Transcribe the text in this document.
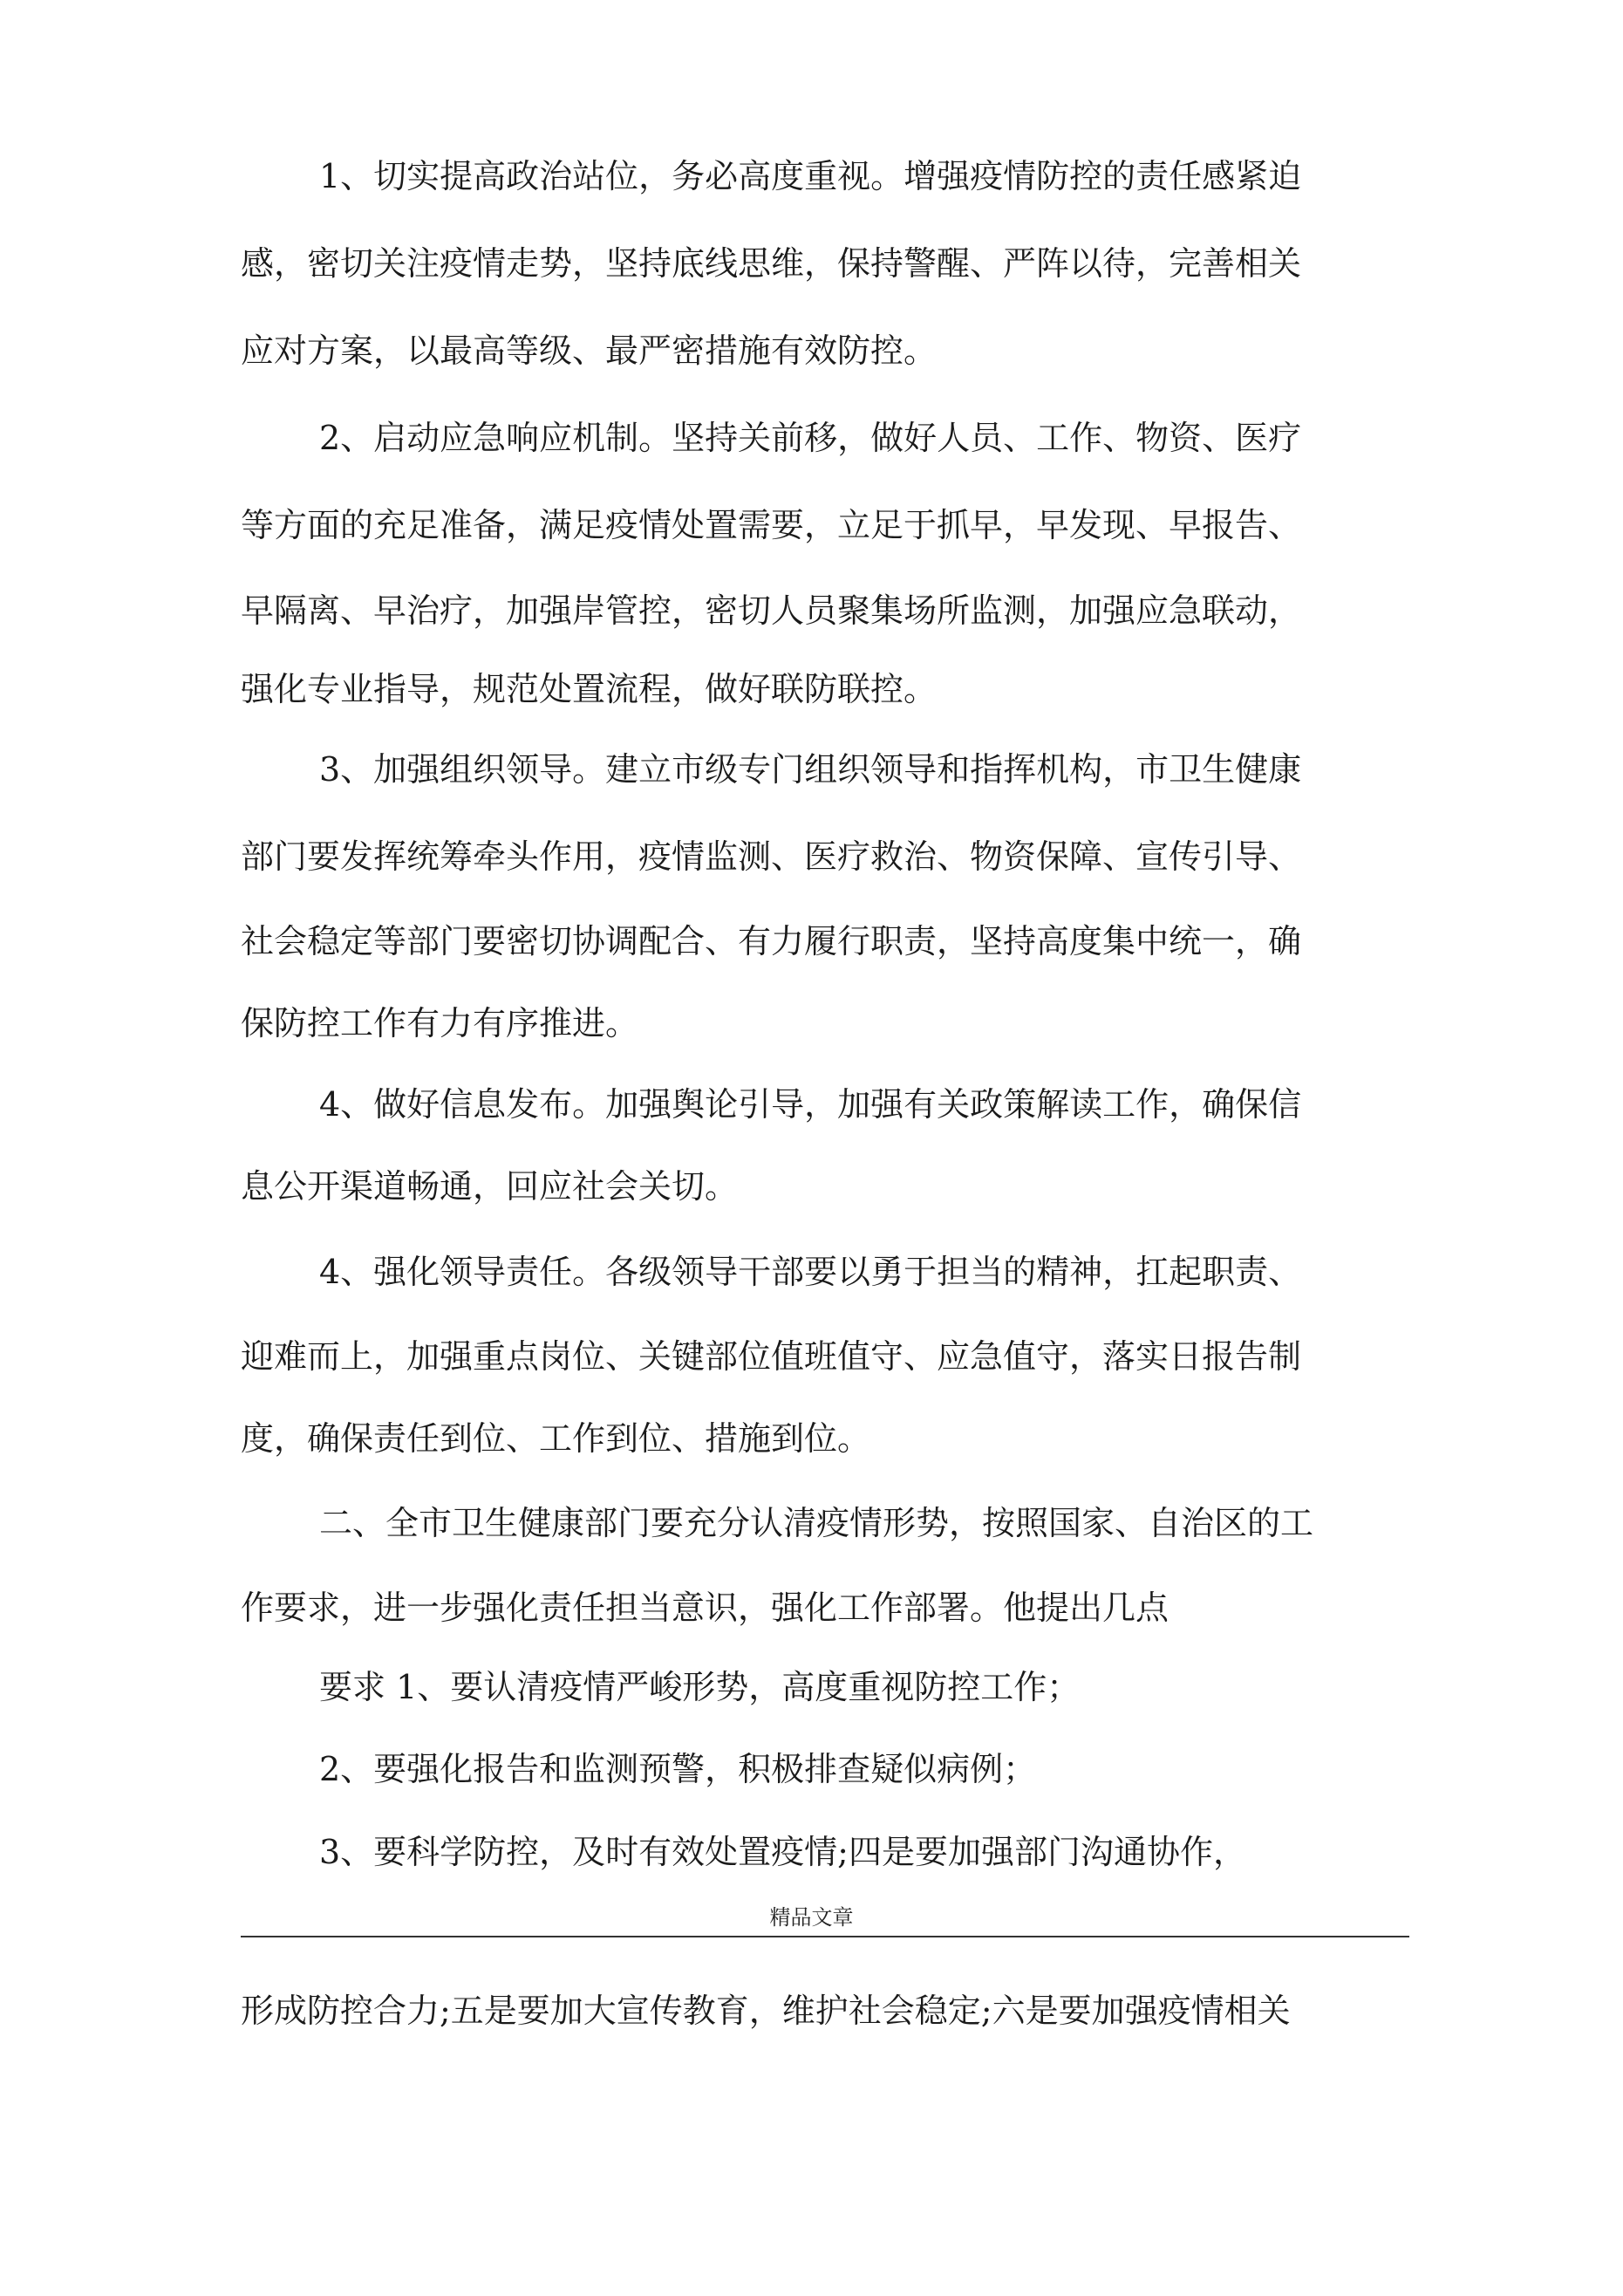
1、切实提高政治站位，务必高度重视。增强疫情防控的责任感紧迫
感，密切关注疫情走势，坚持底线思维，保持警醒、严阵以待，完善相关
应对方案，以最高等级、最严密措施有效防控。
2、启动应急响应机制。坚持关前移，做好人员、工作、物资、医疗
等方面的充足准备，满足疫情处置需要，立足于抓早，早发现、早报告、
早隔离、早治疗，加强岸管控，密切人员聚集场所监测，加强应急联动，
强化专业指导，规范处置流程，做好联防联控。
3、加强组织领导。建立市级专门组织领导和指挥机构，市卫生健康
部门要发挥统筹牵头作用，疫情监测、医疗救治、物资保障、宣传引导、
社会稳定等部门要密切协调配合、有力履行职责，坚持高度集中统一，确
保防控工作有力有序推进。
4、做好信息发布。加强舆论引导，加强有关政策解读工作，确保信
息公开渠道畅通，回应社会关切。
4、强化领导责任。各级领导干部要以勇于担当的精神，扛起职责、
迎难而上，加强重点岗位、关键部位值班值守、应急值守，落实日报告制
度，确保责任到位、工作到位、措施到位。
二、全市卫生健康部门要充分认清疫情形势，按照国家、自治区的工
作要求，进一步强化责任担当意识，强化工作部署。他提出几点
要求 1、要认清疫情严峻形势，高度重视防控工作；
2、要强化报告和监测预警，积极排查疑似病例；
3、要科学防控，及时有效处置疫情;四是要加强部门沟通协作，
精品文章
形成防控合力;五是要加大宣传教育，维护社会稳定;六是要加强疫情相关
